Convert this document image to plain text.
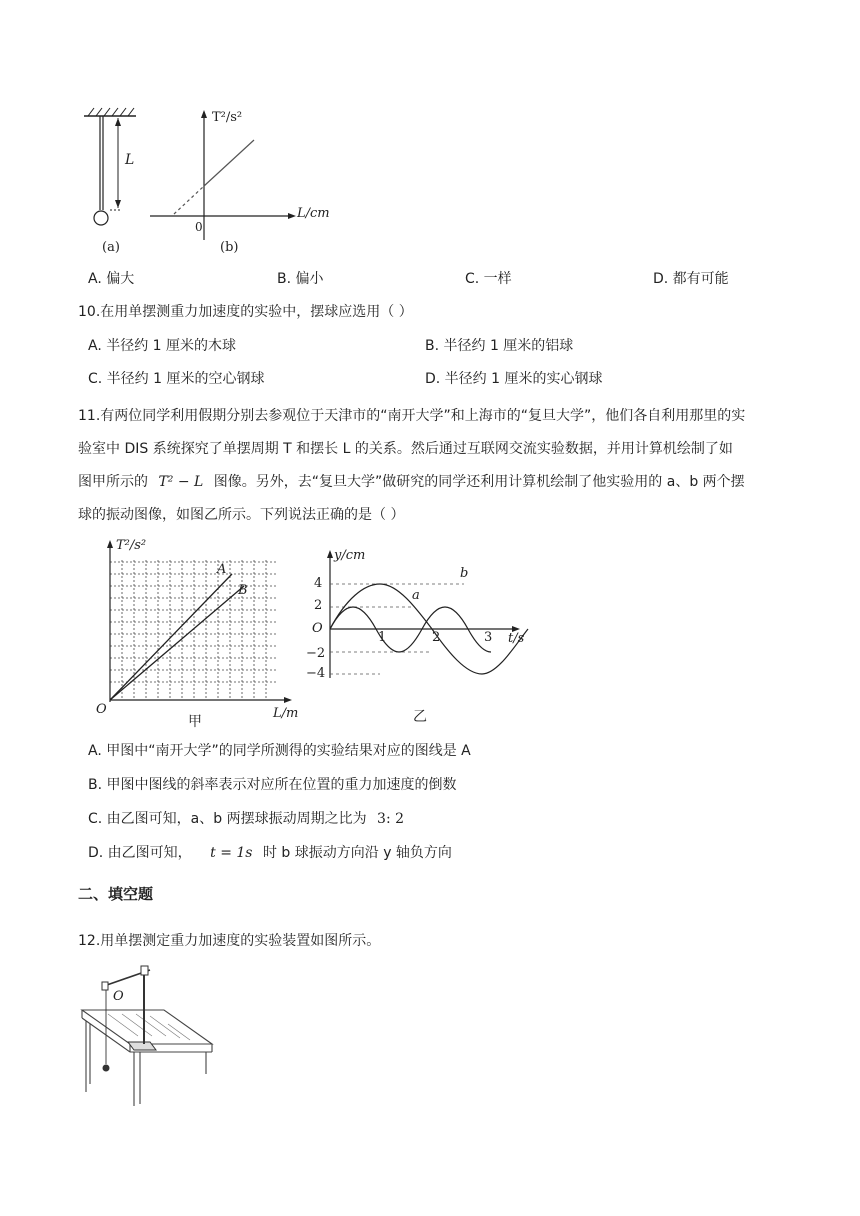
L
(a)
T²/s²
L/cm
0
(b)
A. 偏大	B. 偏小	C. 一样	D. 都有可能
10.在用单摆测重力加速度的实验中，摆球应选用（ ）
A. 半径约 1 厘米的木球	B. 半径约 1 厘米的铝球
C. 半径约 1 厘米的空心钢球	D. 半径约 1 厘米的实心钢球
11.有两位同学利用假期分别去参观位于天津市的“南开大学”和上海市的“复旦大学”，他们各自利用那里的实
验室中 DIS 系统探究了单摆周期 T 和摆长 L 的关系。然后通过互联网交流实验数据，并用计算机绘制了如
图甲所示的 T² − L 图像。另外，去“复旦大学”做研究的同学还利用计算机绘制了他实验用的 a、b 两个摆
球的振动图像，如图乙所示。下列说法正确的是（ ）
T²/s²
A
B
O	L/m
甲
y/cm
4
2
O
−2
−4
1	2	3 t/s
a
b
乙
A. 甲图中“南开大学”的同学所测得的实验结果对应的图线是 A
B. 甲图中图线的斜率表示对应所在位置的重力加速度的倒数
C. 由乙图可知，a、b 两摆球振动周期之比为 3: 2
D. 由乙图可知， t = 1s 时 b 球振动方向沿 y 轴负方向
二、填空题
12.用单摆测定重力加速度的实验装置如图所示。
O
